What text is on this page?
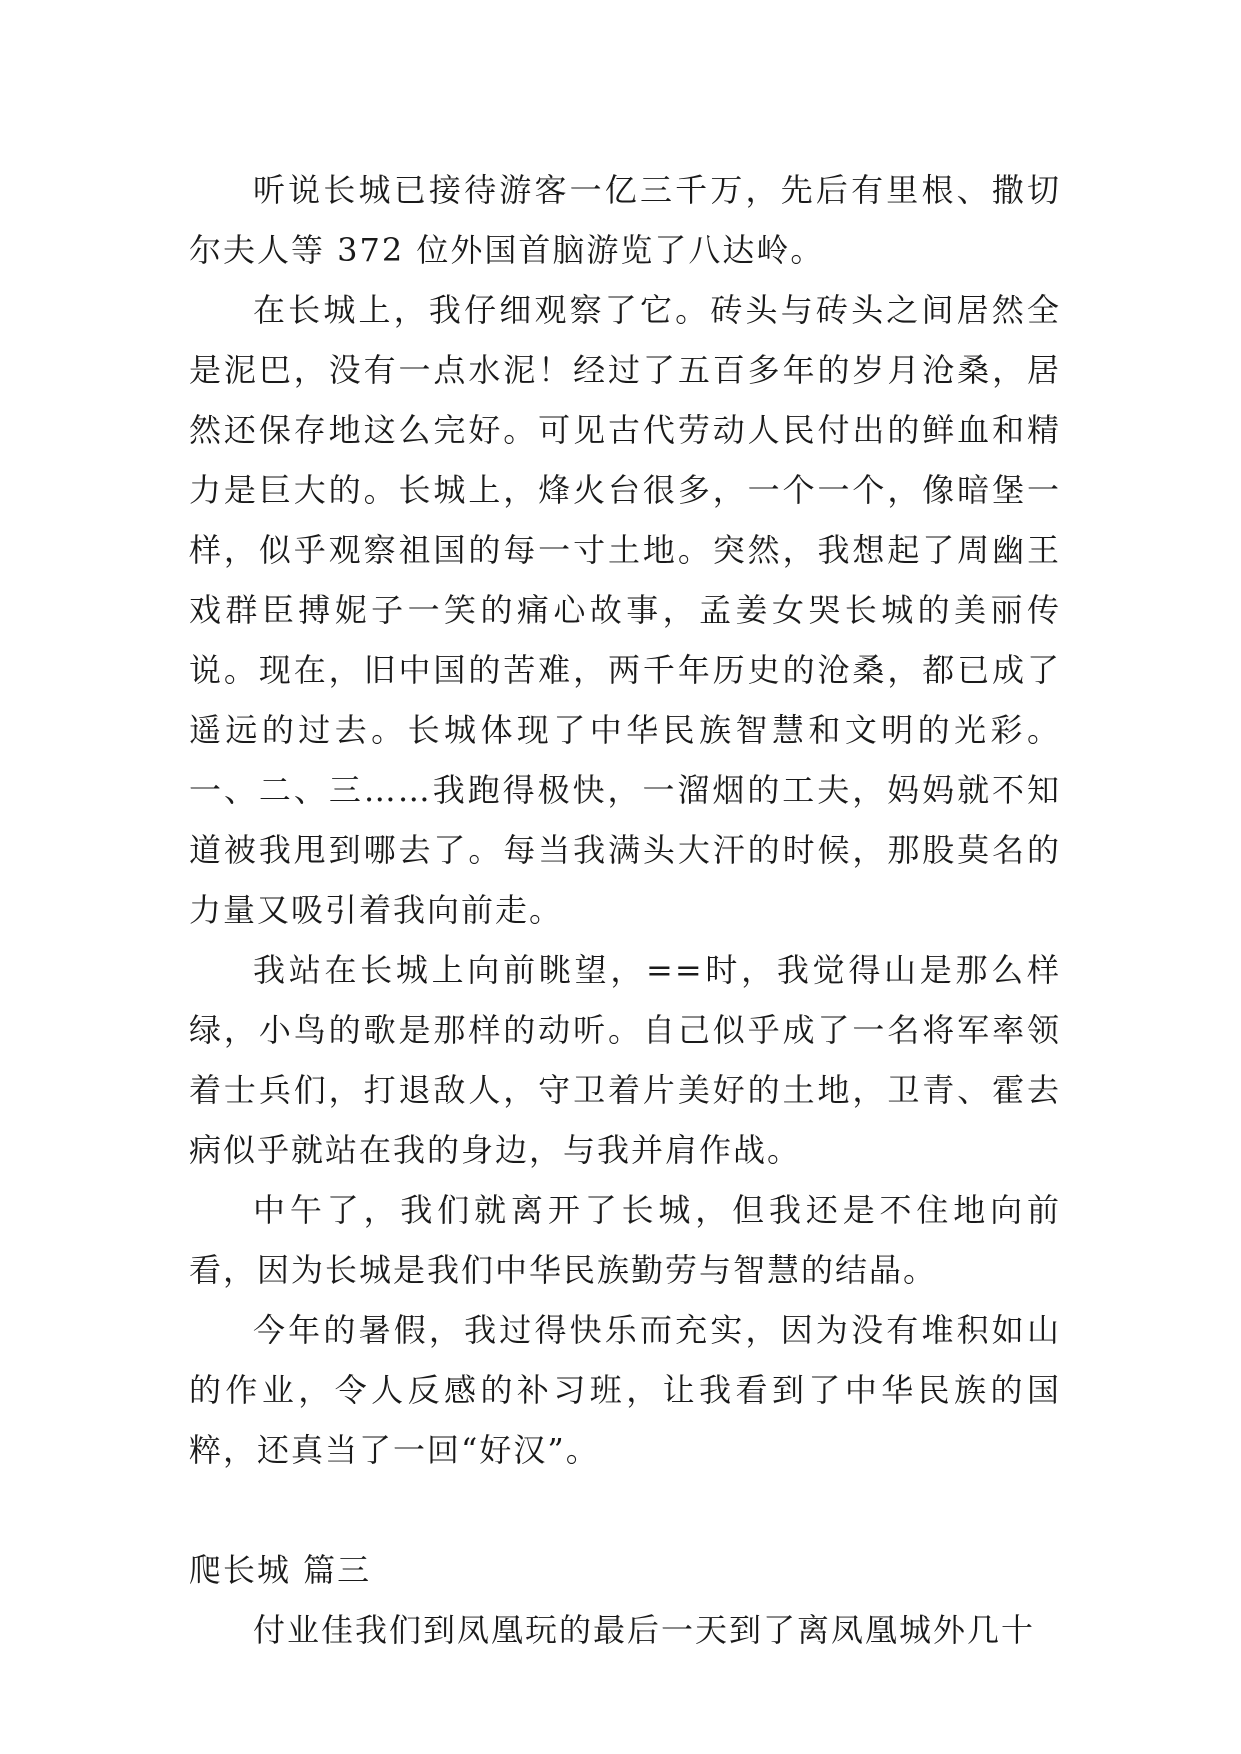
听说长城已接待游客一亿三千万，先后有里根、撒切尔夫人等 372 位外国首脑游览了八达岭。

在长城上，我仔细观察了它。砖头与砖头之间居然全是泥巴，没有一点水泥！经过了五百多年的岁月沧桑，居然还保存地这么完好。可见古代劳动人民付出的鲜血和精力是巨大的。长城上，烽火台很多，一个一个，像暗堡一样，似乎观察祖国的每一寸土地。突然，我想起了周幽王戏群臣搏妮子一笑的痛心故事，孟姜女哭长城的美丽传说。现在，旧中国的苦难，两千年历史的沧桑，都已成了遥远的过去。长城体现了中华民族智慧和文明的光彩。一、二、三……我跑得极快，一溜烟的工夫，妈妈就不知道被我甩到哪去了。每当我满头大汗的时候，那股莫名的力量又吸引着我向前走。

我站在长城上向前眺望，==时，我觉得山是那么样绿，小鸟的歌是那样的动听。自己似乎成了一名将军率领着士兵们，打退敌人，守卫着片美好的土地，卫青、霍去病似乎就站在我的身边，与我并肩作战。

中午了，我们就离开了长城，但我还是不住地向前看，因为长城是我们中华民族勤劳与智慧的结晶。

今年的暑假，我过得快乐而充实，因为没有堆积如山的作业，令人反感的补习班，让我看到了中华民族的国粹，还真当了一回“好汉”。

爬长城 篇三

付业佳我们到凤凰玩的最后一天到了离凤凰城外几十
